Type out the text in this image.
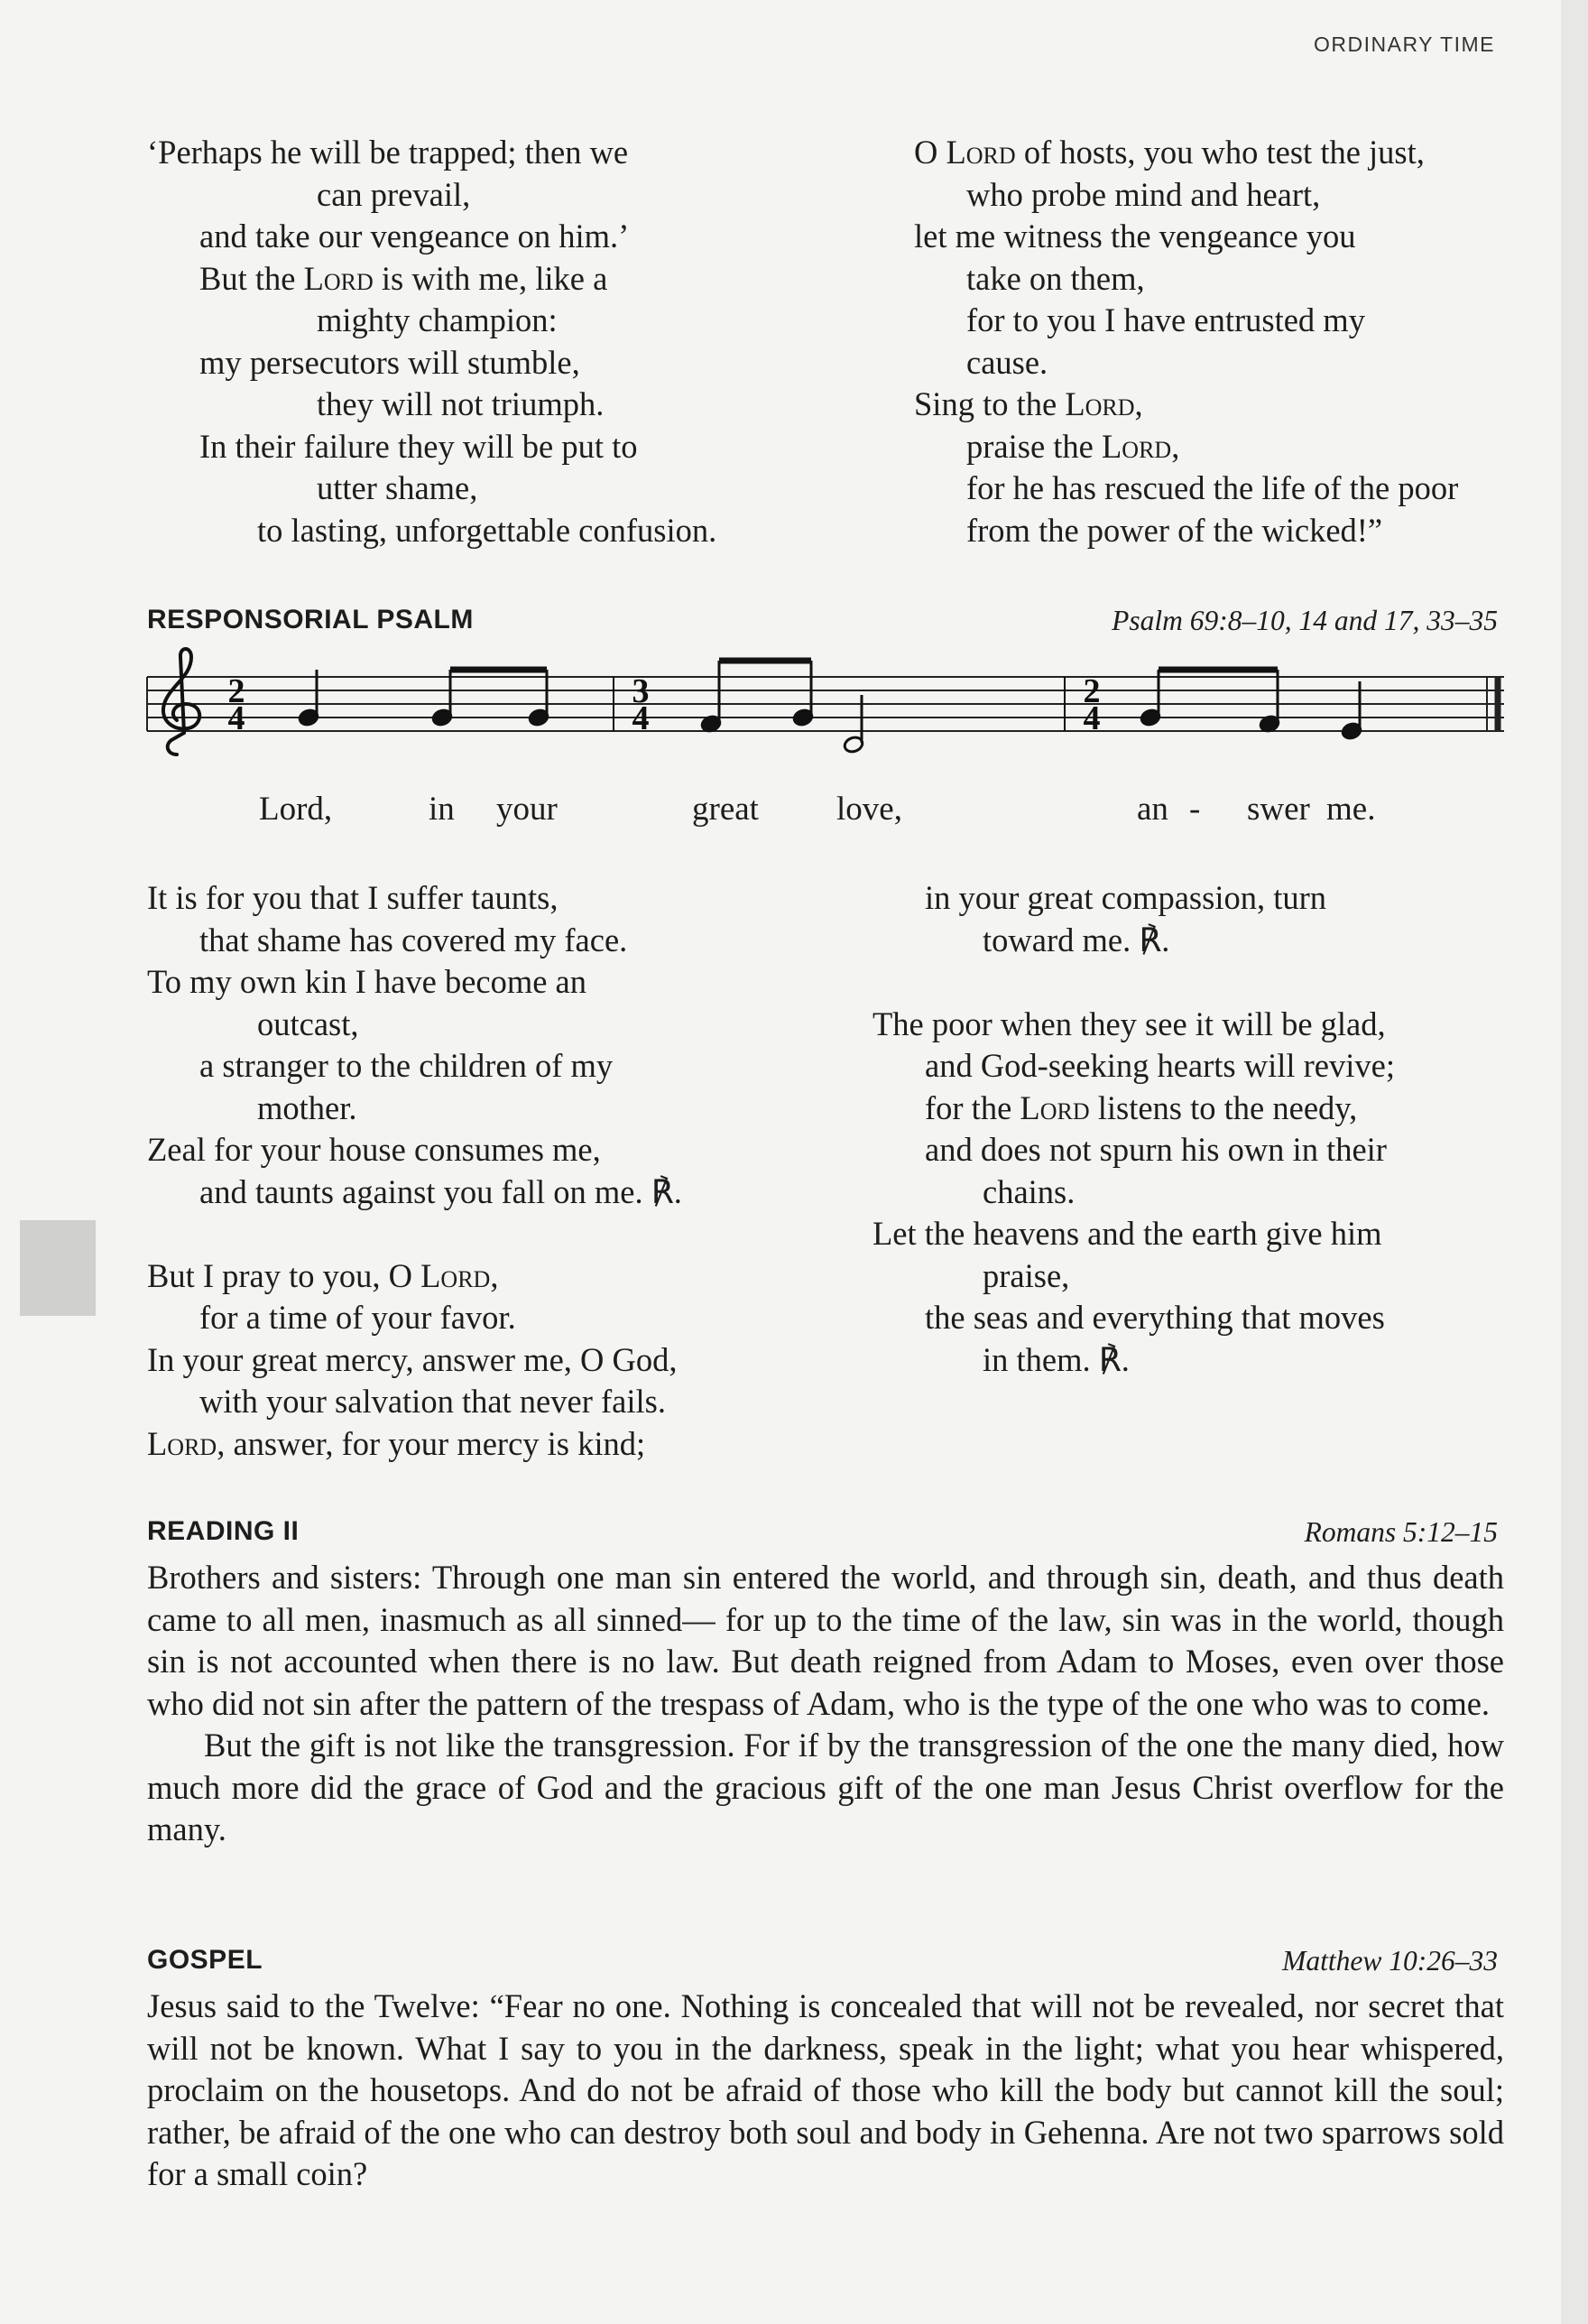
ORDINARY TIME
‘Perhaps he will be trapped; then we
can prevail,
and take our vengeance on him.’
But the Lord is with me, like a
mighty champion:
my persecutors will stumble,
they will not triumph.
In their failure they will be put to
utter shame,
to lasting, unforgettable confusion.
O Lord of hosts, you who test the just,
who probe mind and heart,
let me witness the vengeance you
take on them,
for to you I have entrusted my
cause.
Sing to the Lord,
praise the Lord,
for he has rescued the life of the poor
from the power of the wicked!”
RESPONSORIAL PSALM	Psalm 69:8–10, 14 and 17, 33–35
2
4
3
4
2
4
Lord,	in your	great love,	an - swer me.
It is for you that I suffer taunts,
that shame has covered my face.
To my own kin I have become an
outcast,
a stranger to the children of my
mother.
Zeal for your house consumes me,
and taunts against you fall on me. ℟.
But I pray to you, O Lord,
for a time of your favor.
In your great mercy, answer me, O God,
with your salvation that never fails.
Lord, answer, for your mercy is kind;
in your great compassion, turn
toward me. ℟.
The poor when they see it will be glad,
and God-seeking hearts will revive;
for the Lord listens to the needy,
and does not spurn his own in their
chains.
Let the heavens and the earth give him
praise,
the seas and everything that moves
in them. ℟.
READING II	Romans 5:12–15

Brothers and sisters: Through one man sin entered the world, and through sin, death, and thus death came to all men, inasmuch as all sinned— for up to the time of the law, sin was in the world, though sin is not accounted when there is no law. But death reigned from Adam to Moses, even over those who did not sin after the pattern of the trespass of Adam, who is the type of the one who was to come.

But the gift is not like the transgression. For if by the transgression of the one the many died, how much more did the grace of God and the gracious gift of the one man Jesus Christ overflow for the many.

GOSPEL	Matthew 10:26–33

Jesus said to the Twelve: “Fear no one. Nothing is concealed that will not be revealed, nor secret that will not be known. What I say to you in the darkness, speak in the light; what you hear whispered, proclaim on the housetops. And do not be afraid of those who kill the body but cannot kill the soul; rather, be afraid of the one who can destroy both soul and body in Gehenna. Are not two sparrows sold for a small coin?
